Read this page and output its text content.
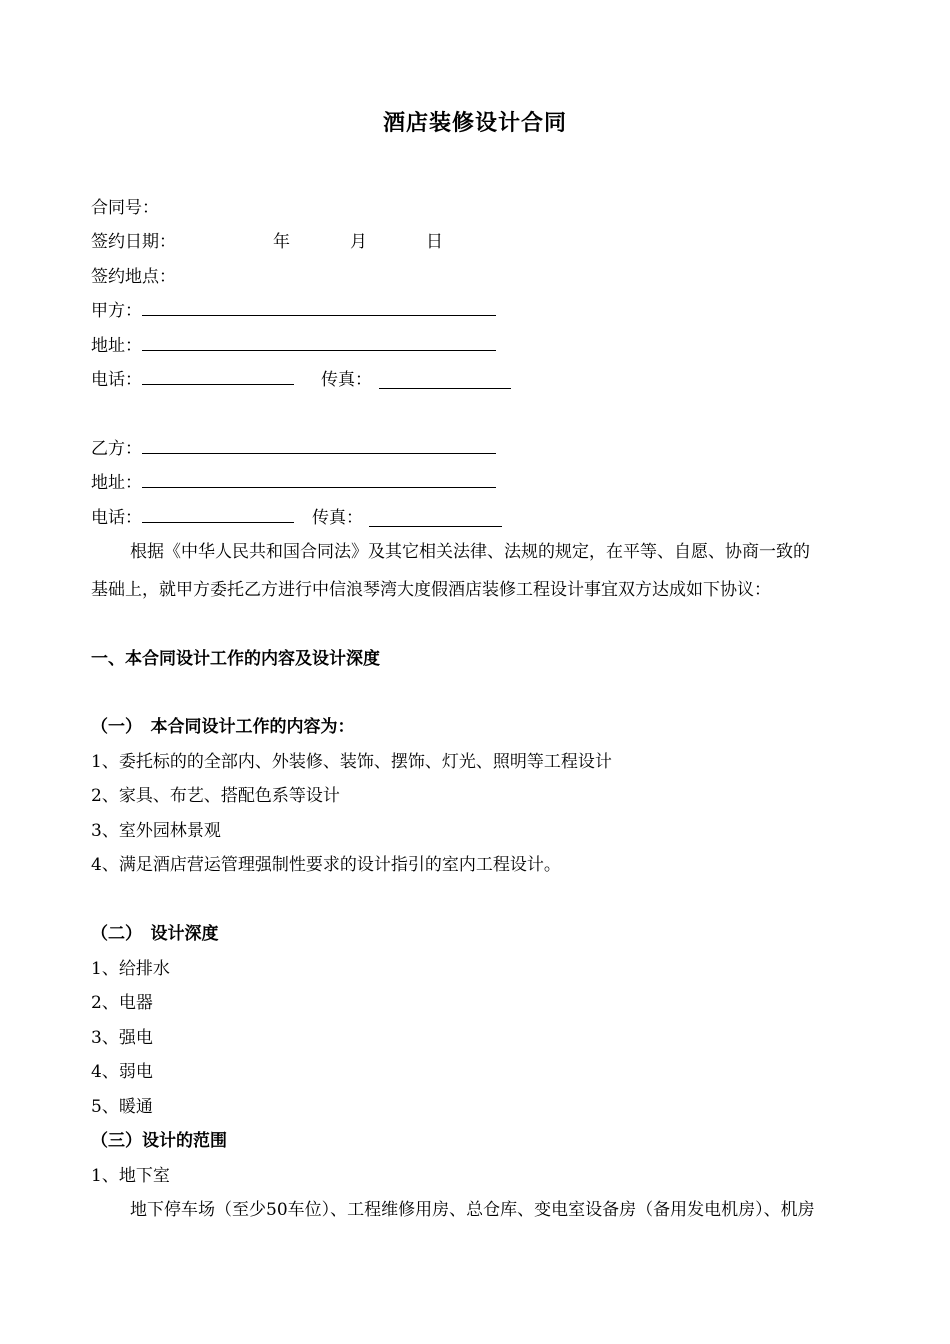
酒店装修设计合同
合同号：
签约日期：	年	月	日
签约地点：
甲方：
地址：
电话：	传真：
乙方：
地址：
电话：	传真：
根据《中华人民共和国合同法》及其它相关法律、法规的规定，在平等、自愿、协商一致的
基础上，就甲方委托乙方进行中信浪琴湾大度假酒店装修工程设计事宜双方达成如下协议：
一、本合同设计工作的内容及设计深度
（一）　本合同设计工作的内容为：
1、委托标的的全部内、外装修、装饰、摆饰、灯光、照明等工程设计
2、家具、布艺、搭配色系等设计
3、室外园林景观
4、满足酒店营运管理强制性要求的设计指引的室内工程设计。
（二）　设计深度
1、给排水
2、电器
3、强电
4、弱电
5、暖通
（三）设计的范围
1、地下室
地下停车场（至少50车位）、工程维修用房、总仓库、变电室设备房（备用发电机房）、机房
